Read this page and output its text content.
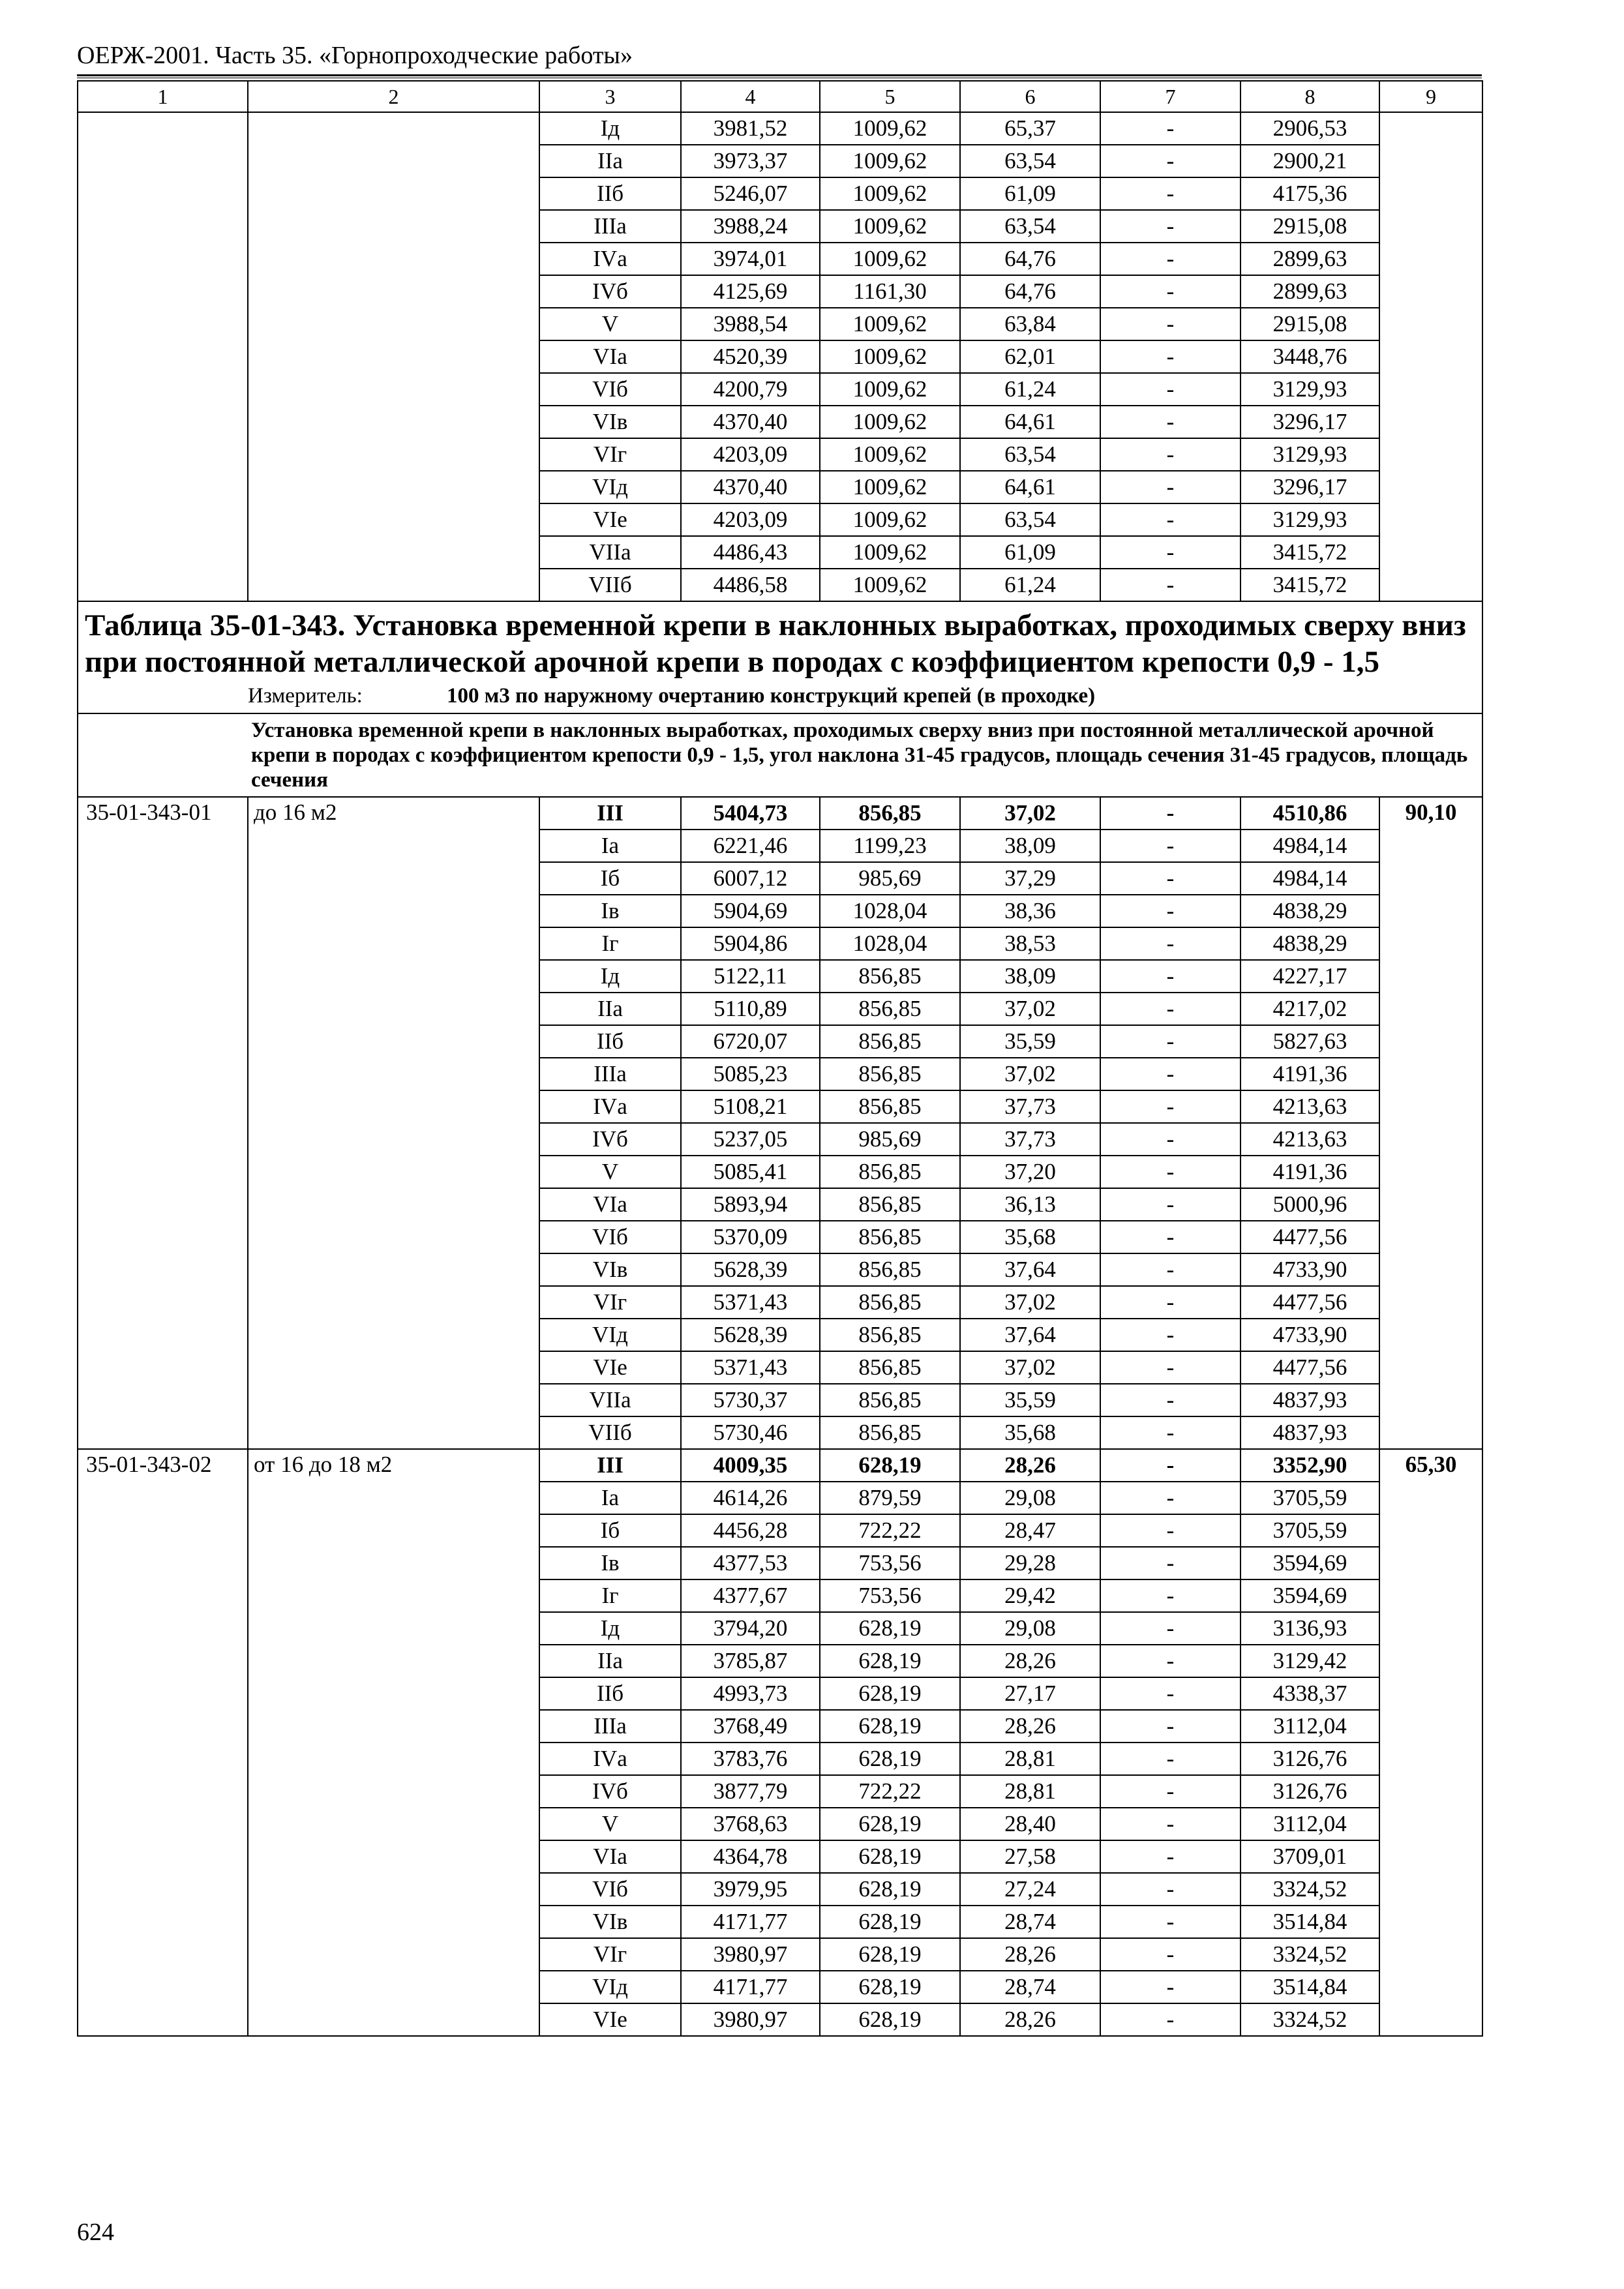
ОЕРЖ-2001. Часть 35. «Горнопроходческие работы»
1	2	3	4	5	6	7	8	9
		Iд	3981,52	1009,62	65,37	-	2906,53	
		IIа	3973,37	1009,62	63,54	-	2900,21	
		IIб	5246,07	1009,62	61,09	-	4175,36	
		IIIа	3988,24	1009,62	63,54	-	2915,08	
		IVа	3974,01	1009,62	64,76	-	2899,63	
		IVб	4125,69	1161,30	64,76	-	2899,63	
		V	3988,54	1009,62	63,84	-	2915,08	
		VIа	4520,39	1009,62	62,01	-	3448,76	
		VIб	4200,79	1009,62	61,24	-	3129,93	
		VIв	4370,40	1009,62	64,61	-	3296,17	
		VIг	4203,09	1009,62	63,54	-	3129,93	
		VIд	4370,40	1009,62	64,61	-	3296,17	
		VIе	4203,09	1009,62	63,54	-	3129,93	
		VIIа	4486,43	1009,62	61,09	-	3415,72	
		VIIб	4486,58	1009,62	61,24	-	3415,72	

Таблица 35-01-343. Установка временной крепи в наклонных выработках, проходимых сверху вниз при постоянной металлической арочной крепи в породах с коэффициентом крепости 0,9 - 1,5
Измеритель: 100 м3 по наружному очертанию конструкций крепей (в проходке)								

Установка временной крепи в наклонных выработках, проходимых сверху вниз при постоянной металлической арочной крепи в породах с коэффициентом крепости 0,9 - 1,5, угол наклона 31-45 градусов, площадь сечения 31-45 градусов, площадь сечения								

35-01-343-01	до 16 м2	III	5404,73	856,85	37,02	-	4510,86	90,10
		Iа	6221,46	1199,23	38,09	-	4984,14	
		Iб	6007,12	985,69	37,29	-	4984,14	
		Iв	5904,69	1028,04	38,36	-	4838,29	
		Iг	5904,86	1028,04	38,53	-	4838,29	
		Iд	5122,11	856,85	38,09	-	4227,17	
		IIа	5110,89	856,85	37,02	-	4217,02	
		IIб	6720,07	856,85	35,59	-	5827,63	
		IIIа	5085,23	856,85	37,02	-	4191,36	
		IVа	5108,21	856,85	37,73	-	4213,63	
		IVб	5237,05	985,69	37,73	-	4213,63	
		V	5085,41	856,85	37,20	-	4191,36	
		VIа	5893,94	856,85	36,13	-	5000,96	
		VIб	5370,09	856,85	35,68	-	4477,56	
		VIв	5628,39	856,85	37,64	-	4733,90	
		VIг	5371,43	856,85	37,02	-	4477,56	
		VIд	5628,39	856,85	37,64	-	4733,90	
		VIе	5371,43	856,85	37,02	-	4477,56	
		VIIа	5730,37	856,85	35,59	-	4837,93	
		VIIб	5730,46	856,85	35,68	-	4837,93	
35-01-343-02	от 16 до 18 м2	III	4009,35	628,19	28,26	-	3352,90	65,30
		Iа	4614,26	879,59	29,08	-	3705,59	
		Iб	4456,28	722,22	28,47	-	3705,59	
		Iв	4377,53	753,56	29,28	-	3594,69	
		Iг	4377,67	753,56	29,42	-	3594,69	
		Iд	3794,20	628,19	29,08	-	3136,93	
		IIа	3785,87	628,19	28,26	-	3129,42	
		IIб	4993,73	628,19	27,17	-	4338,37	
		IIIа	3768,49	628,19	28,26	-	3112,04	
		IVа	3783,76	628,19	28,81	-	3126,76	
		IVб	3877,79	722,22	28,81	-	3126,76	
		V	3768,63	628,19	28,40	-	3112,04	
		VIа	4364,78	628,19	27,58	-	3709,01	
		VIб	3979,95	628,19	27,24	-	3324,52	
		VIв	4171,77	628,19	28,74	-	3514,84	
		VIг	3980,97	628,19	28,26	-	3324,52	
		VIд	4171,77	628,19	28,74	-	3514,84	
		VIе	3980,97	628,19	28,26	-	3324,52	
624
